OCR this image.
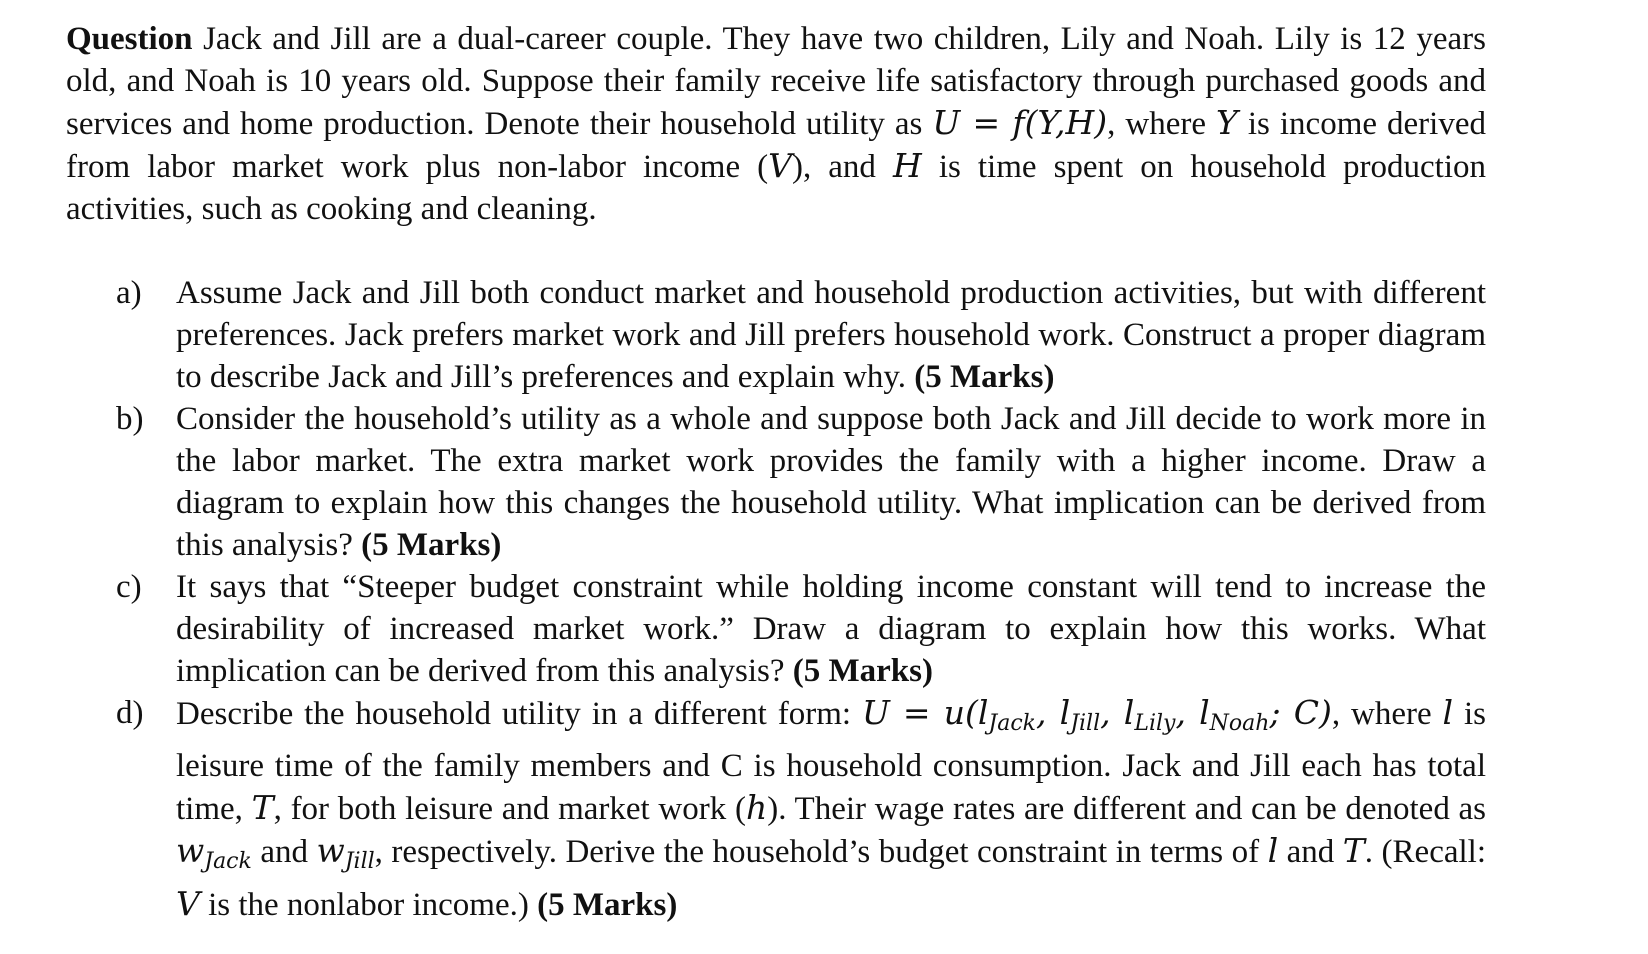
Question Jack and Jill are a dual-career couple. They have two children, Lily and Noah. Lily is 12 years old, and Noah is 10 years old. Suppose their family receive life satisfactory through purchased goods and services and home production. Denote their household utility as U = f(Y,H), where Y is income derived from labor market work plus non-labor income (V), and H is time spent on household production activities, such as cooking and cleaning.

a) Assume Jack and Jill both conduct market and household production activities, but with different preferences. Jack prefers market work and Jill prefers household work. Construct a proper diagram to describe Jack and Jill’s preferences and explain why. (5 Marks)
b) Consider the household’s utility as a whole and suppose both Jack and Jill decide to work more in the labor market. The extra market work provides the family with a higher income. Draw a diagram to explain how this changes the household utility. What implication can be derived from this analysis? (5 Marks)
c) It says that “Steeper budget constraint while holding income constant will tend to increase the desirability of increased market work.” Draw a diagram to explain how this works. What implication can be derived from this analysis? (5 Marks)
d) Describe the household utility in a different form: $U = u(l_{Jack}$, $l_{Jill}$, $l_{Lily}$, $l_{Noah}$; C), where l is leisure time of the family members and C is household consumption. Jack and Jill each has total time, T, for both leisure and market work (h). Their wage rates are different and can be denoted as $w_{Jack}$ and $w_{Jill}$, respectively. Derive the household’s budget constraint in terms of l and T. (Recall: V is the nonlabor income.) (5 Marks)
